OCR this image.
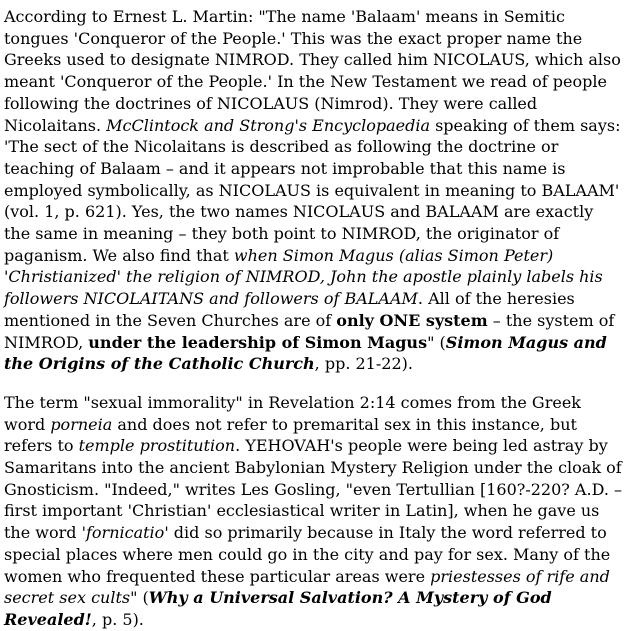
According to Ernest L. Martin: "The name 'Balaam' means in Semitic tongues 'Conqueror of the People.' This was the exact proper name the Greeks used to designate NIMROD. They called him NICOLAUS, which also meant 'Conqueror of the People.' In the New Testament we read of people following the doctrines of NICOLAUS (Nimrod). They were called Nicolaitans. McClintock and Strong's Encyclopaedia speaking of them says: 'The sect of the Nicolaitans is described as following the doctrine or teaching of Balaam – and it appears not improbable that this name is employed symbolically, as NICOLAUS is equivalent in meaning to BALAAM' (vol. 1, p. 621). Yes, the two names NICOLAUS and BALAAM are exactly the same in meaning – they both point to NIMROD, the originator of paganism. We also find that when Simon Magus (alias Simon Peter) 'Christianized' the religion of NIMROD, John the apostle plainly labels his followers NICOLAITANS and followers of BALAAM. All of the heresies mentioned in the Seven Churches are of only ONE system – the system of NIMROD, under the leadership of Simon Magus" (Simon Magus and the Origins of the Catholic Church, pp. 21-22).

The term "sexual immorality" in Revelation 2:14 comes from the Greek word porneia and does not refer to premarital sex in this instance, but refers to temple prostitution. YEHOVAH's people were being led astray by Samaritans into the ancient Babylonian Mystery Religion under the cloak of Gnosticism. "Indeed," writes Les Gosling, "even Tertullian [160?-220? A.D. – first important 'Christian' ecclesiastical writer in Latin], when he gave us the word 'fornicatio' did so primarily because in Italy the word referred to special places where men could go in the city and pay for sex. Many of the women who frequented these particular areas were priestesses of rife and secret sex cults" (Why a Universal Salvation? A Mystery of God Revealed!, p. 5).
